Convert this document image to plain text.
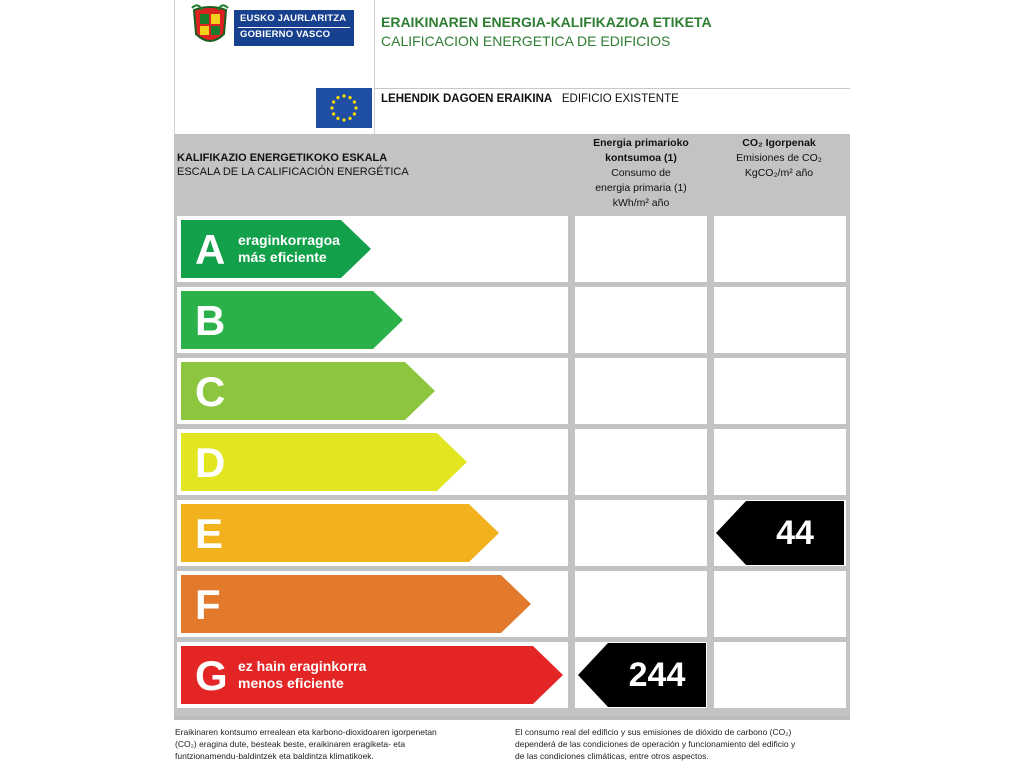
EUSKO JAURLARITZA
GOBIERNO VASCO
ERAIKINAREN ENERGIA-KALIFIKAZIOA ETIKETA
CALIFICACION ENERGETICA DE EDIFICIOS
LEHENDIK DAGOEN ERAIKINA EDIFICIO EXISTENTE
KALIFIKAZIO ENERGETIKOKO ESKALA
ESCALA DE LA CALIFICACIÓN ENERGÉTICA
Energia primarioko
kontsumoa (1)
Consumo de
energia primaria (1)
kWh/m² año
CO₂ Igorpenak
Emisiones de CO₂
KgCO₂/m² año
A eraginkorragoa
más eficiente
B
C
D
E	44
F
G ez hain eraginkorra
menos eficiente	244
Eraikinaren kontsumo errealean eta karbono-dioxidoaren igorpenetan
(CO₂) eragina dute, besteak beste, eraikinaren eragiketa- eta
funtzionamendu-baldintzek eta baldintza klimatikoek.
El consumo real del edificio y sus emisiones de dióxido de carbono (CO₂)
dependerá de las condiciones de operación y funcionamiento del edificio y
de las condiciones climáticas, entre otros aspectos.
